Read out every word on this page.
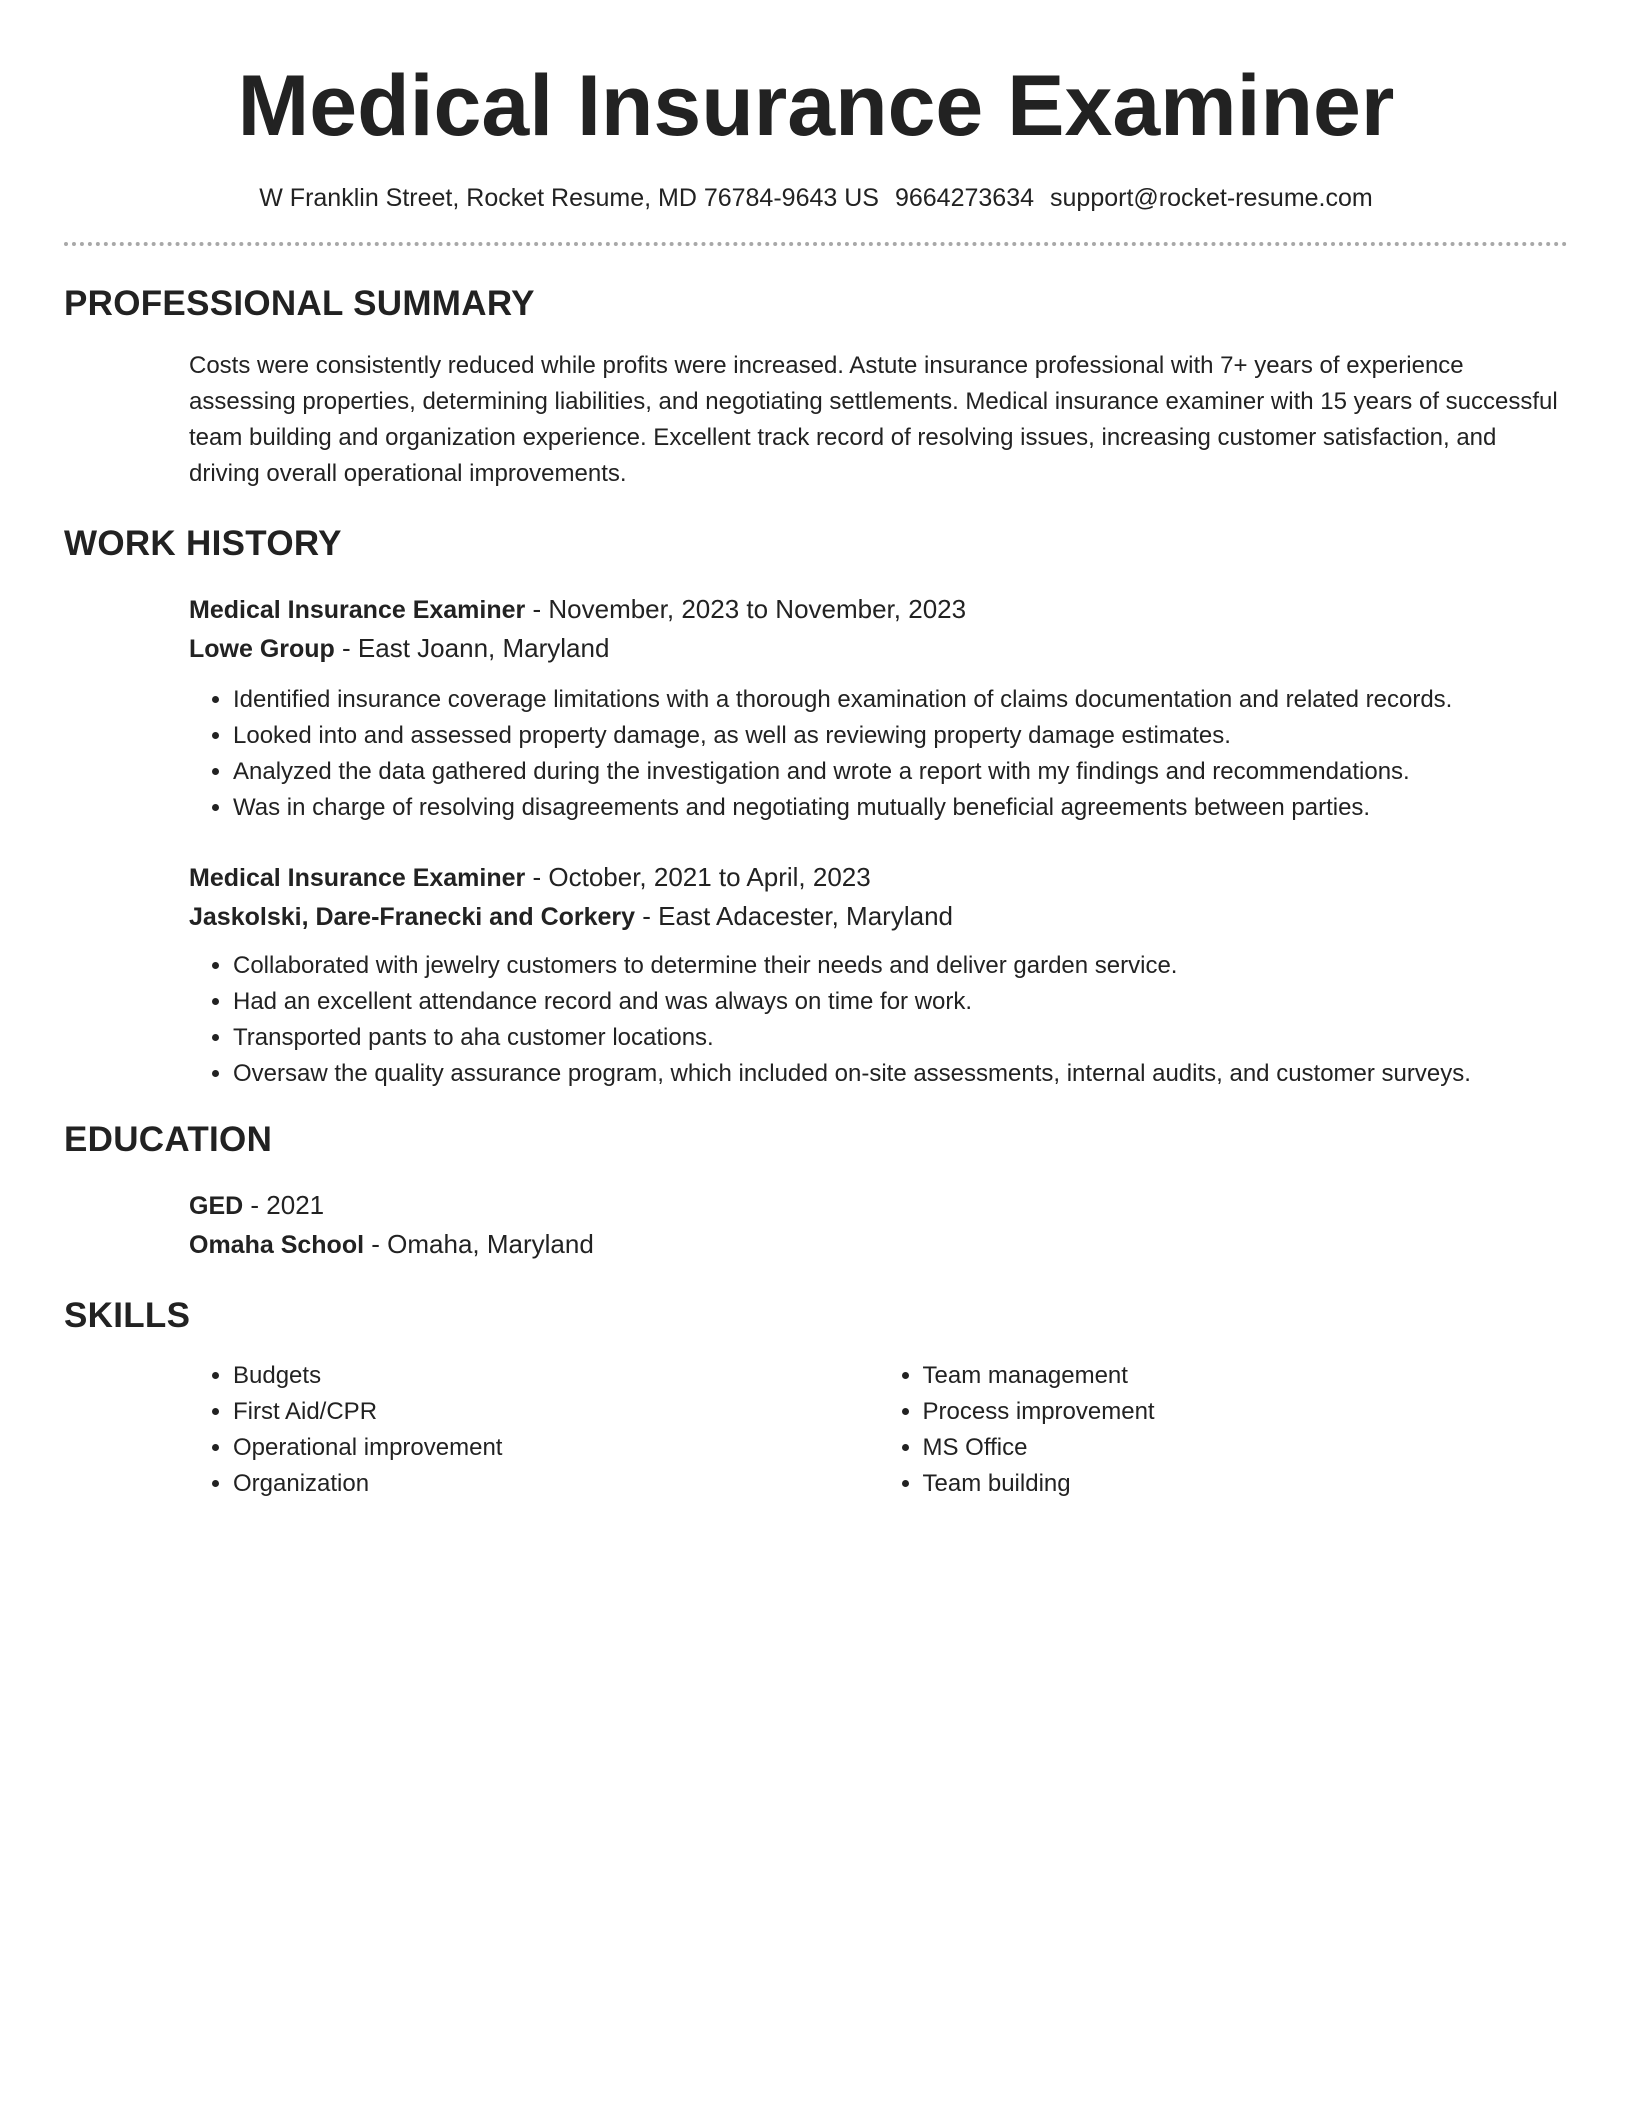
Medical Insurance Examiner
W Franklin Street, Rocket Resume, MD 76784-9643 US 9664273634 support@rocket-resume.com
PROFESSIONAL SUMMARY

Costs were consistently reduced while profits were increased. Astute insurance professional with 7+ years of experience assessing properties, determining liabilities, and negotiating settlements. Medical insurance examiner with 15 years of successful team building and organization experience. Excellent track record of resolving issues, increasing customer satisfaction, and driving overall operational improvements.

WORK HISTORY
Medical Insurance Examiner - November, 2023 to November, 2023
Lowe Group - East Joann, Maryland
• Identified insurance coverage limitations with a thorough examination of claims documentation and related records.
• Looked into and assessed property damage, as well as reviewing property damage estimates.
• Analyzed the data gathered during the investigation and wrote a report with my findings and recommendations.
• Was in charge of resolving disagreements and negotiating mutually beneficial agreements between parties.
Medical Insurance Examiner - October, 2021 to April, 2023
Jaskolski, Dare-Franecki and Corkery - East Adacester, Maryland
• Collaborated with jewelry customers to determine their needs and deliver garden service.
• Had an excellent attendance record and was always on time for work.
• Transported pants to aha customer locations.
• Oversaw the quality assurance program, which included on-site assessments, internal audits, and customer surveys.
EDUCATION
GED - 2021
Omaha School - Omaha, Maryland
SKILLS
• Budgets
• First Aid/CPR
• Operational improvement
• Organization
• Team management
• Process improvement
• MS Office
• Team building
